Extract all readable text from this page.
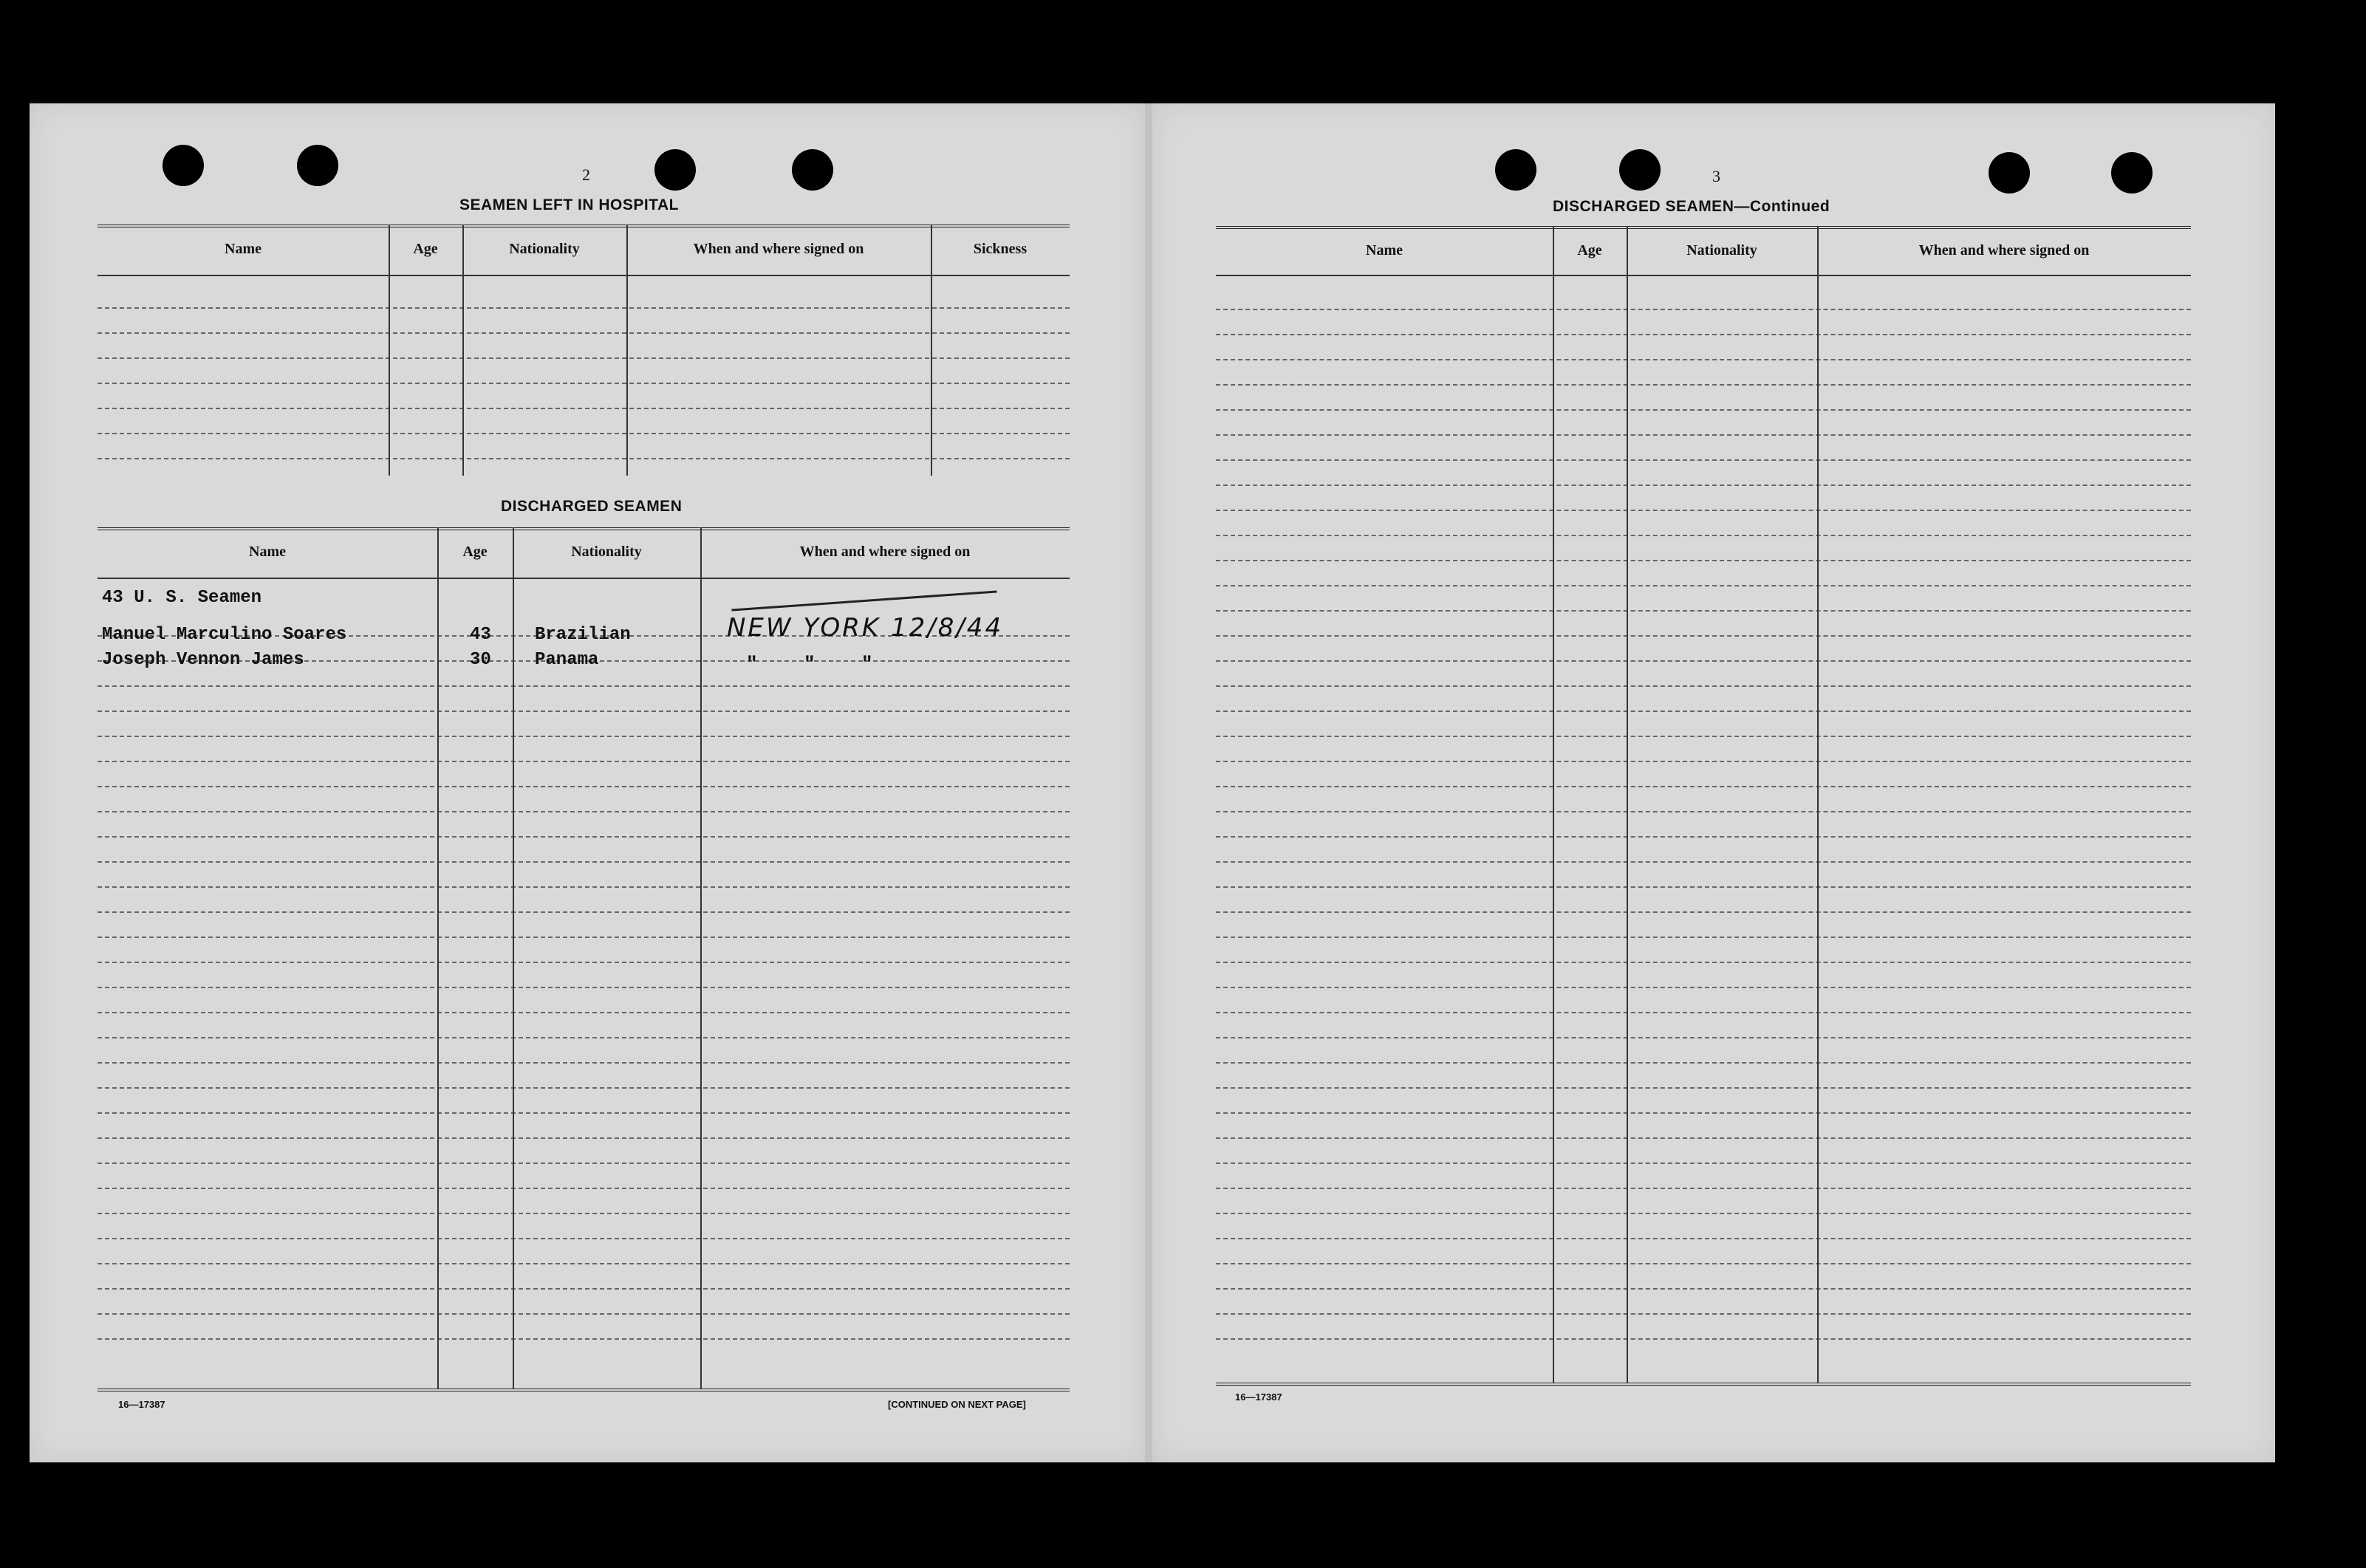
2
SEAMEN LEFT IN HOSPITAL
Name	Age	Nationality	When and where signed on	Sickness
DISCHARGED SEAMEN
Name	Age	Nationality	When and where signed on
43 U. S. Seamen
Manuel Marculino Soares	43 Brazilian	NEW YORK 12/8/44
Joseph Vennon James	30 Panama	"    "    "
16—17387	[CONTINUED ON NEXT PAGE]
3
DISCHARGED SEAMEN—Continued
Name	Age	Nationality	When and where signed on
16—17387
